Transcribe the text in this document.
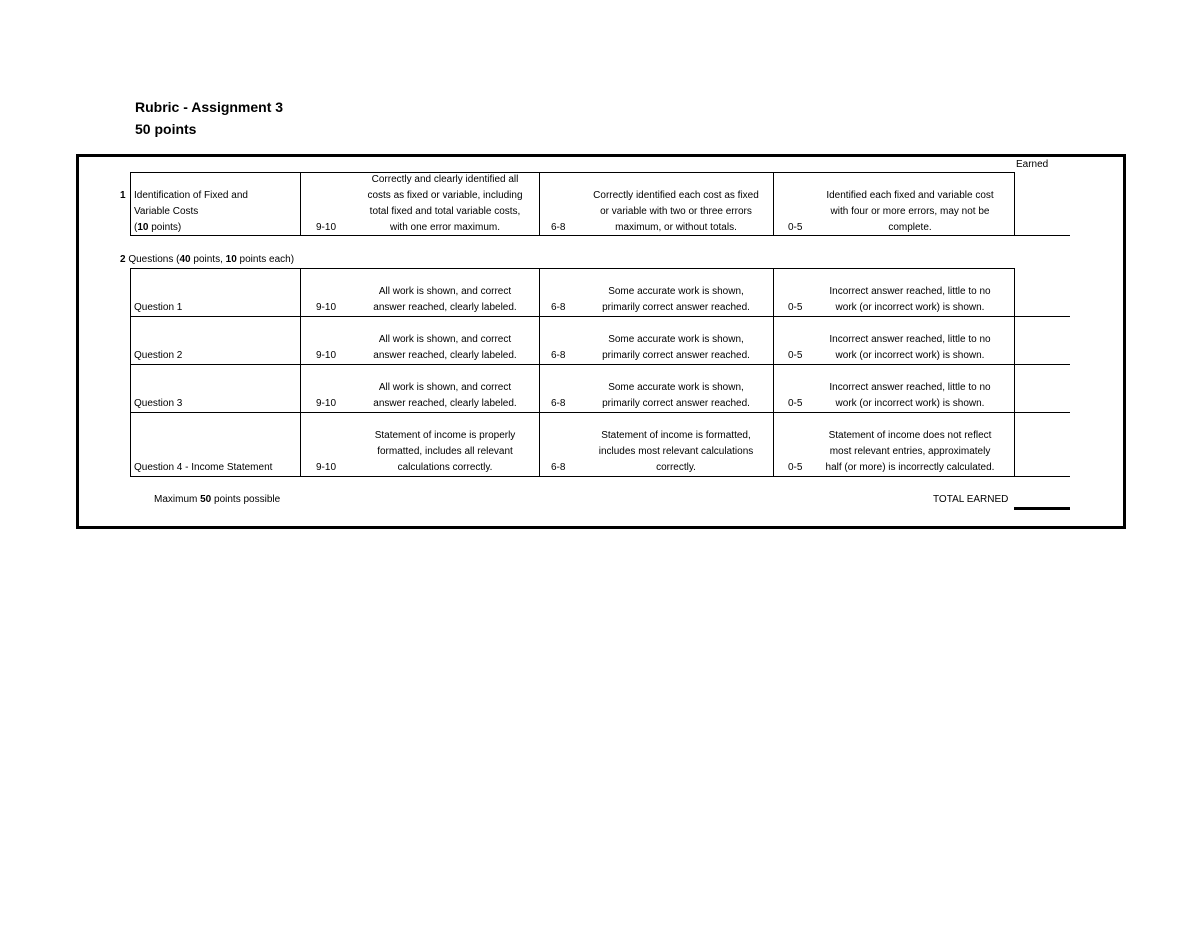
Rubric - Assignment 3
50 points
Earned
1 Identification of Fixed and
Variable Costs
(10 points)	9-10
Correctly and clearly identified all
costs as fixed or variable, including
total fixed and total variable costs,
with one error maximum.	6-8
Correctly identified each cost as fixed
or variable with two or three errors
maximum, or without totals.	0-5
Identified each fixed and variable cost
with four or more errors, may not be
complete.
2 Questions (40 points, 10 points each)
Question 1	9-10
All work is shown, and correct
answer reached, clearly labeled.	6-8
Some accurate work is shown,
primarily correct answer reached.	0-5
Incorrect answer reached, little to no
work (or incorrect work) is shown.
Question 2	9-10
All work is shown, and correct
answer reached, clearly labeled.	6-8
Some accurate work is shown,
primarily correct answer reached.	0-5
Incorrect answer reached, little to no
work (or incorrect work) is shown.
Question 3	9-10
All work is shown, and correct
answer reached, clearly labeled.	6-8
Some accurate work is shown,
primarily correct answer reached.	0-5
Incorrect answer reached, little to no
work (or incorrect work) is shown.
Question 4 - Income Statement	9-10
Statement of income is properly
formatted, includes all relevant
calculations correctly.	6-8
Statement of income is formatted,
includes most relevant calculations
correctly.	0-5
Statement of income does not reflect
most relevant entries, approximately
half (or more) is incorrectly calculated.
Maximum 50 points possible	TOTAL EARNED
